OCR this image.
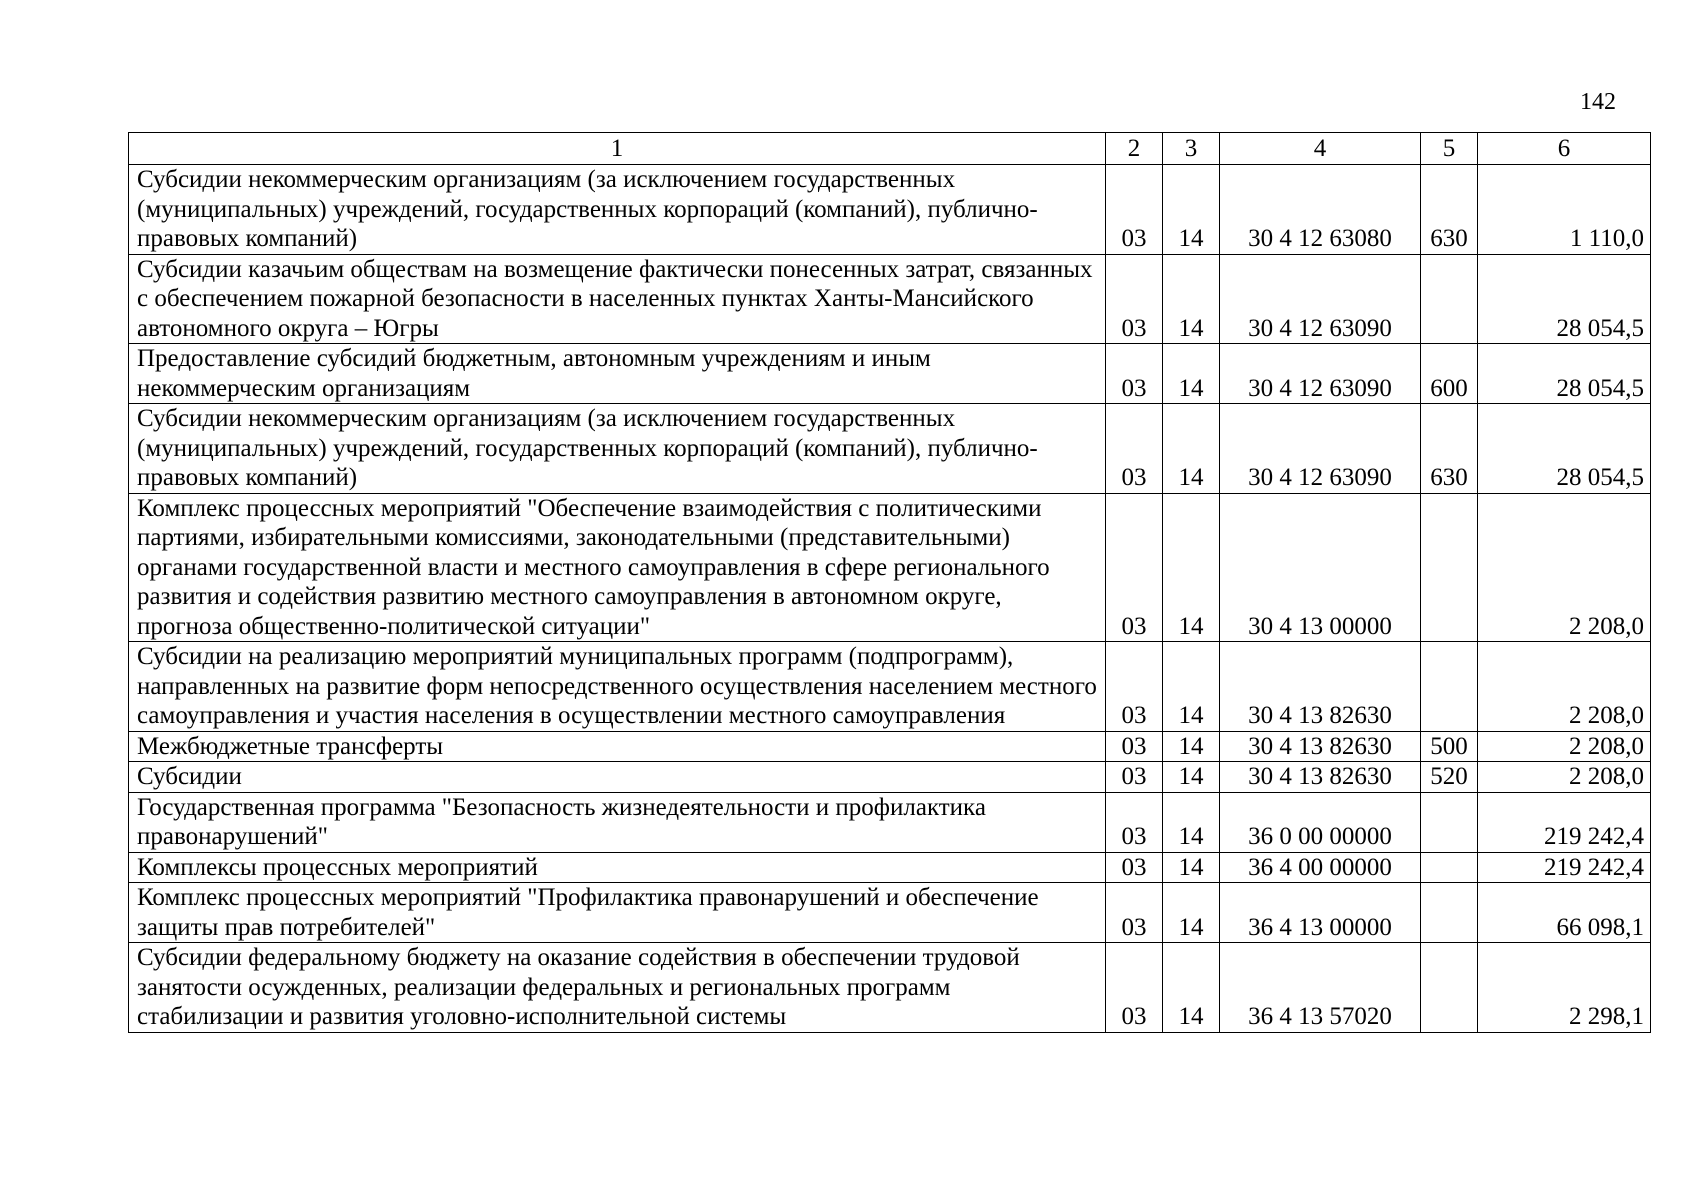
142
1	2	3	4	5	6
Субсидии некоммерческим организациям (за исключением государственных (муниципальных) учреждений, государственных корпораций (компаний), публично-правовых компаний)	03	14	30 4 12 63080	630	1 110,0
Субсидии казачьим обществам на возмещение фактически понесенных затрат, связанных с обеспечением пожарной безопасности в населенных пунктах Ханты-Мансийского автономного округа – Югры	03	14	30 4 12 63090		28 054,5
Предоставление субсидий бюджетным, автономным учреждениям и иным некоммерческим организациям	03	14	30 4 12 63090	600	28 054,5
Субсидии некоммерческим организациям (за исключением государственных (муниципальных) учреждений, государственных корпораций (компаний), публично-правовых компаний)	03	14	30 4 12 63090	630	28 054,5
Комплекс процессных мероприятий "Обеспечение взаимодействия с политическими партиями, избирательными комиссиями, законодательными (представительными) органами государственной власти и местного самоуправления в сфере регионального развития и содействия развитию местного самоуправления в автономном округе, прогноза общественно-политической ситуации"	03	14	30 4 13 00000		2 208,0
Субсидии на реализацию мероприятий муниципальных программ (подпрограмм), направленных на развитие форм непосредственного осуществления населением местного самоуправления и участия населения в осуществлении местного самоуправления	03	14	30 4 13 82630		2 208,0
Межбюджетные трансферты	03	14	30 4 13 82630	500	2 208,0
Субсидии	03	14	30 4 13 82630	520	2 208,0
Государственная программа "Безопасность жизнедеятельности и профилактика правонарушений"	03	14	36 0 00 00000		219 242,4
Комплексы процессных мероприятий	03	14	36 4 00 00000		219 242,4
Комплекс процессных мероприятий "Профилактика правонарушений и обеспечение защиты прав потребителей"	03	14	36 4 13 00000		66 098,1
Субсидии федеральному бюджету на оказание содействия в обеспечении трудовой занятости осужденных, реализации федеральных и региональных программ стабилизации и развития уголовно-исполнительной системы	03	14	36 4 13 57020		2 298,1
